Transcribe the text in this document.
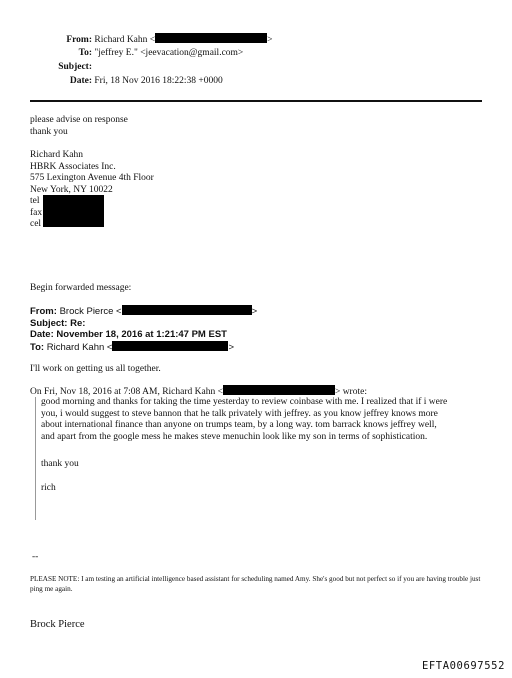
From: Richard Kahn <	>
To: "jeffrey E." <jeevacation@gmail.com>
Subject:
Date: Fri, 18 Nov 2016 18:22:38 +0000
please advise on response
thank you
Richard Kahn
HBRK Associates Inc.
575 Lexington Avenue 4th Floor
New York, NY 10022
tel
fax
cel
Begin forwarded message:
From: Brock Pierce <	>
Subject: Re:
Date: November 18, 2016 at 1:21:47 PM EST
To: Richard Kahn <	>
I'll work on getting us all together.
On Fri, Nov 18, 2016 at 7:08 AM, Richard Kahn <	> wrote:

good morning and thanks for taking the time yesterday to review coinbase with me. I realized that if i were

you, i would suggest to steve bannon that he talk privately with jeffrey. as you know jeffrey knows more

about international finance than anyone on trumps team, by a long way. tom barrack knows jeffrey well,

and apart from the google mess he makes steve menuchin look like my son in terms of sophistication.

thank you

rich

--
PLEASE NOTE: I am testing an artificial intelligence based assistant for scheduling named Amy. She's good but not perfect so if you are having trouble just ping me again.
Brock Pierce
EFTA00697552
